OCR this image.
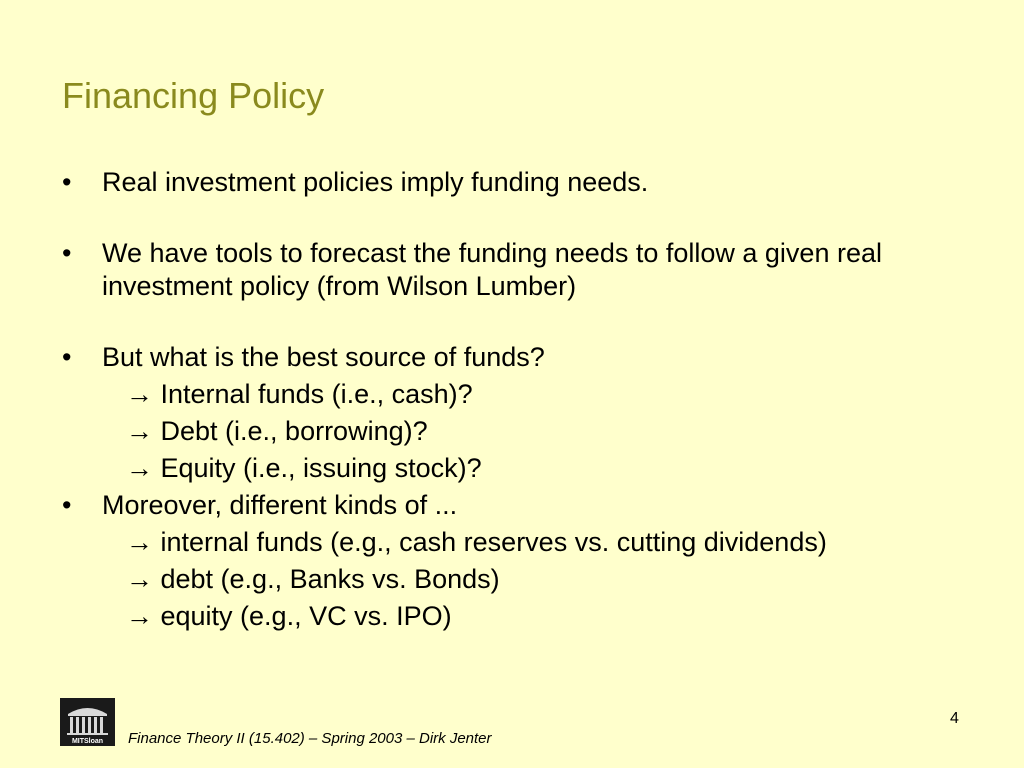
Financing Policy
•	Real investment policies imply funding needs.
•	We have tools to forecast the funding needs to follow a given real investment policy (from Wilson Lumber)
•	But what is the best source of funds?
→ Internal funds (i.e., cash)?
→ Debt (i.e., borrowing)?
→ Equity (i.e., issuing stock)?
•	Moreover, different kinds of ...
→ internal funds (e.g., cash reserves vs. cutting dividends)
→ debt (e.g., Banks vs. Bonds)
→ equity (e.g., VC vs. IPO)
MITSloan Finance Theory II (15.402) – Spring 2003 – Dirk Jenter
4
